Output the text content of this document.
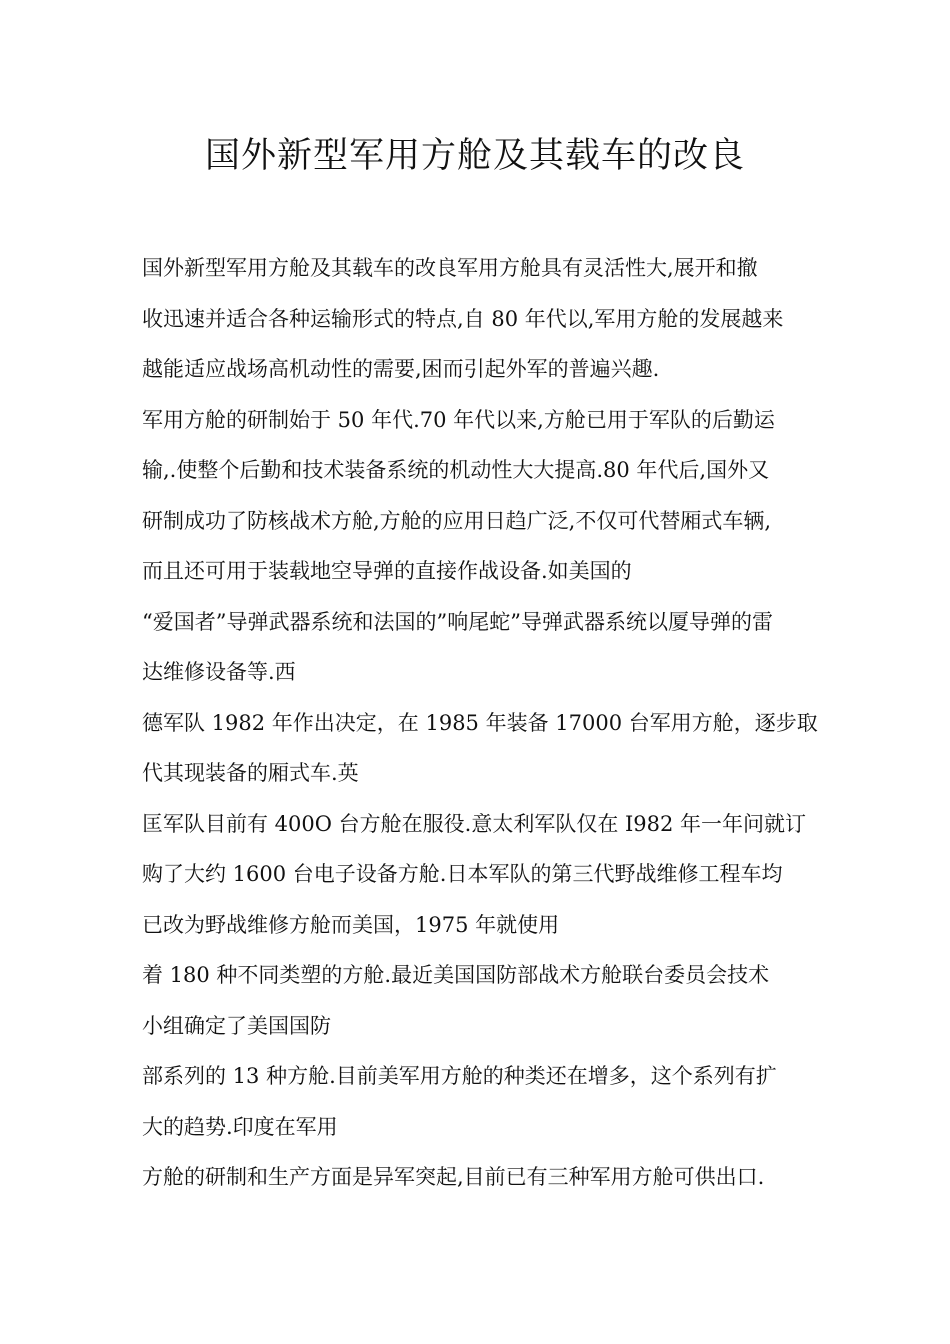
国外新型军用方舱及其载车的改良
国外新型军用方舱及其载车的改良军用方舱具有灵活性大,展开和撤
收迅速并适合各种运输形式的特点,自 80 年代以,军用方舱的发展越来
越能适应战场高机动性的需要,困而引起外军的普遍兴趣.
军用方舱的研制始于 50 年代.70 年代以来,方舱已用于军队的后勤运
输,.使整个后勤和技术装备系统的机动性大大提高.80 年代后,国外又
研制成功了防核战术方舱,方舱的应用日趋广泛,不仅可代替厢式车辆,
而且还可用于装载地空导弹的直接作战设备.如美国的
“爱国者”导弹武器系统和法国的”响尾蛇”导弹武器系统以厦导弹的雷
达维修设备等.西
德军队 1982 年作出决定，在 1985 年装备 17000 台军用方舱，逐步取
代其现装备的厢式车.英
匡军队目前有 400O 台方舱在服役.意太利军队仅在 I982 年一年问就订
购了大约 1600 台电子设备方舱.日本军队的第三代野战维修工程车均
已改为野战维修方舱而美国，1975 年就使用
着 180 种不同类塑的方舱.最近美国国防部战术方舱联台委员会技术
小组确定了美国国防
部系列的 13 种方舱.目前美军用方舱的种类还在增多，这个系列有扩
大的趋势.印度在军用
方舱的研制和生产方面是异军突起,目前已有三种军用方舱可供出口.
